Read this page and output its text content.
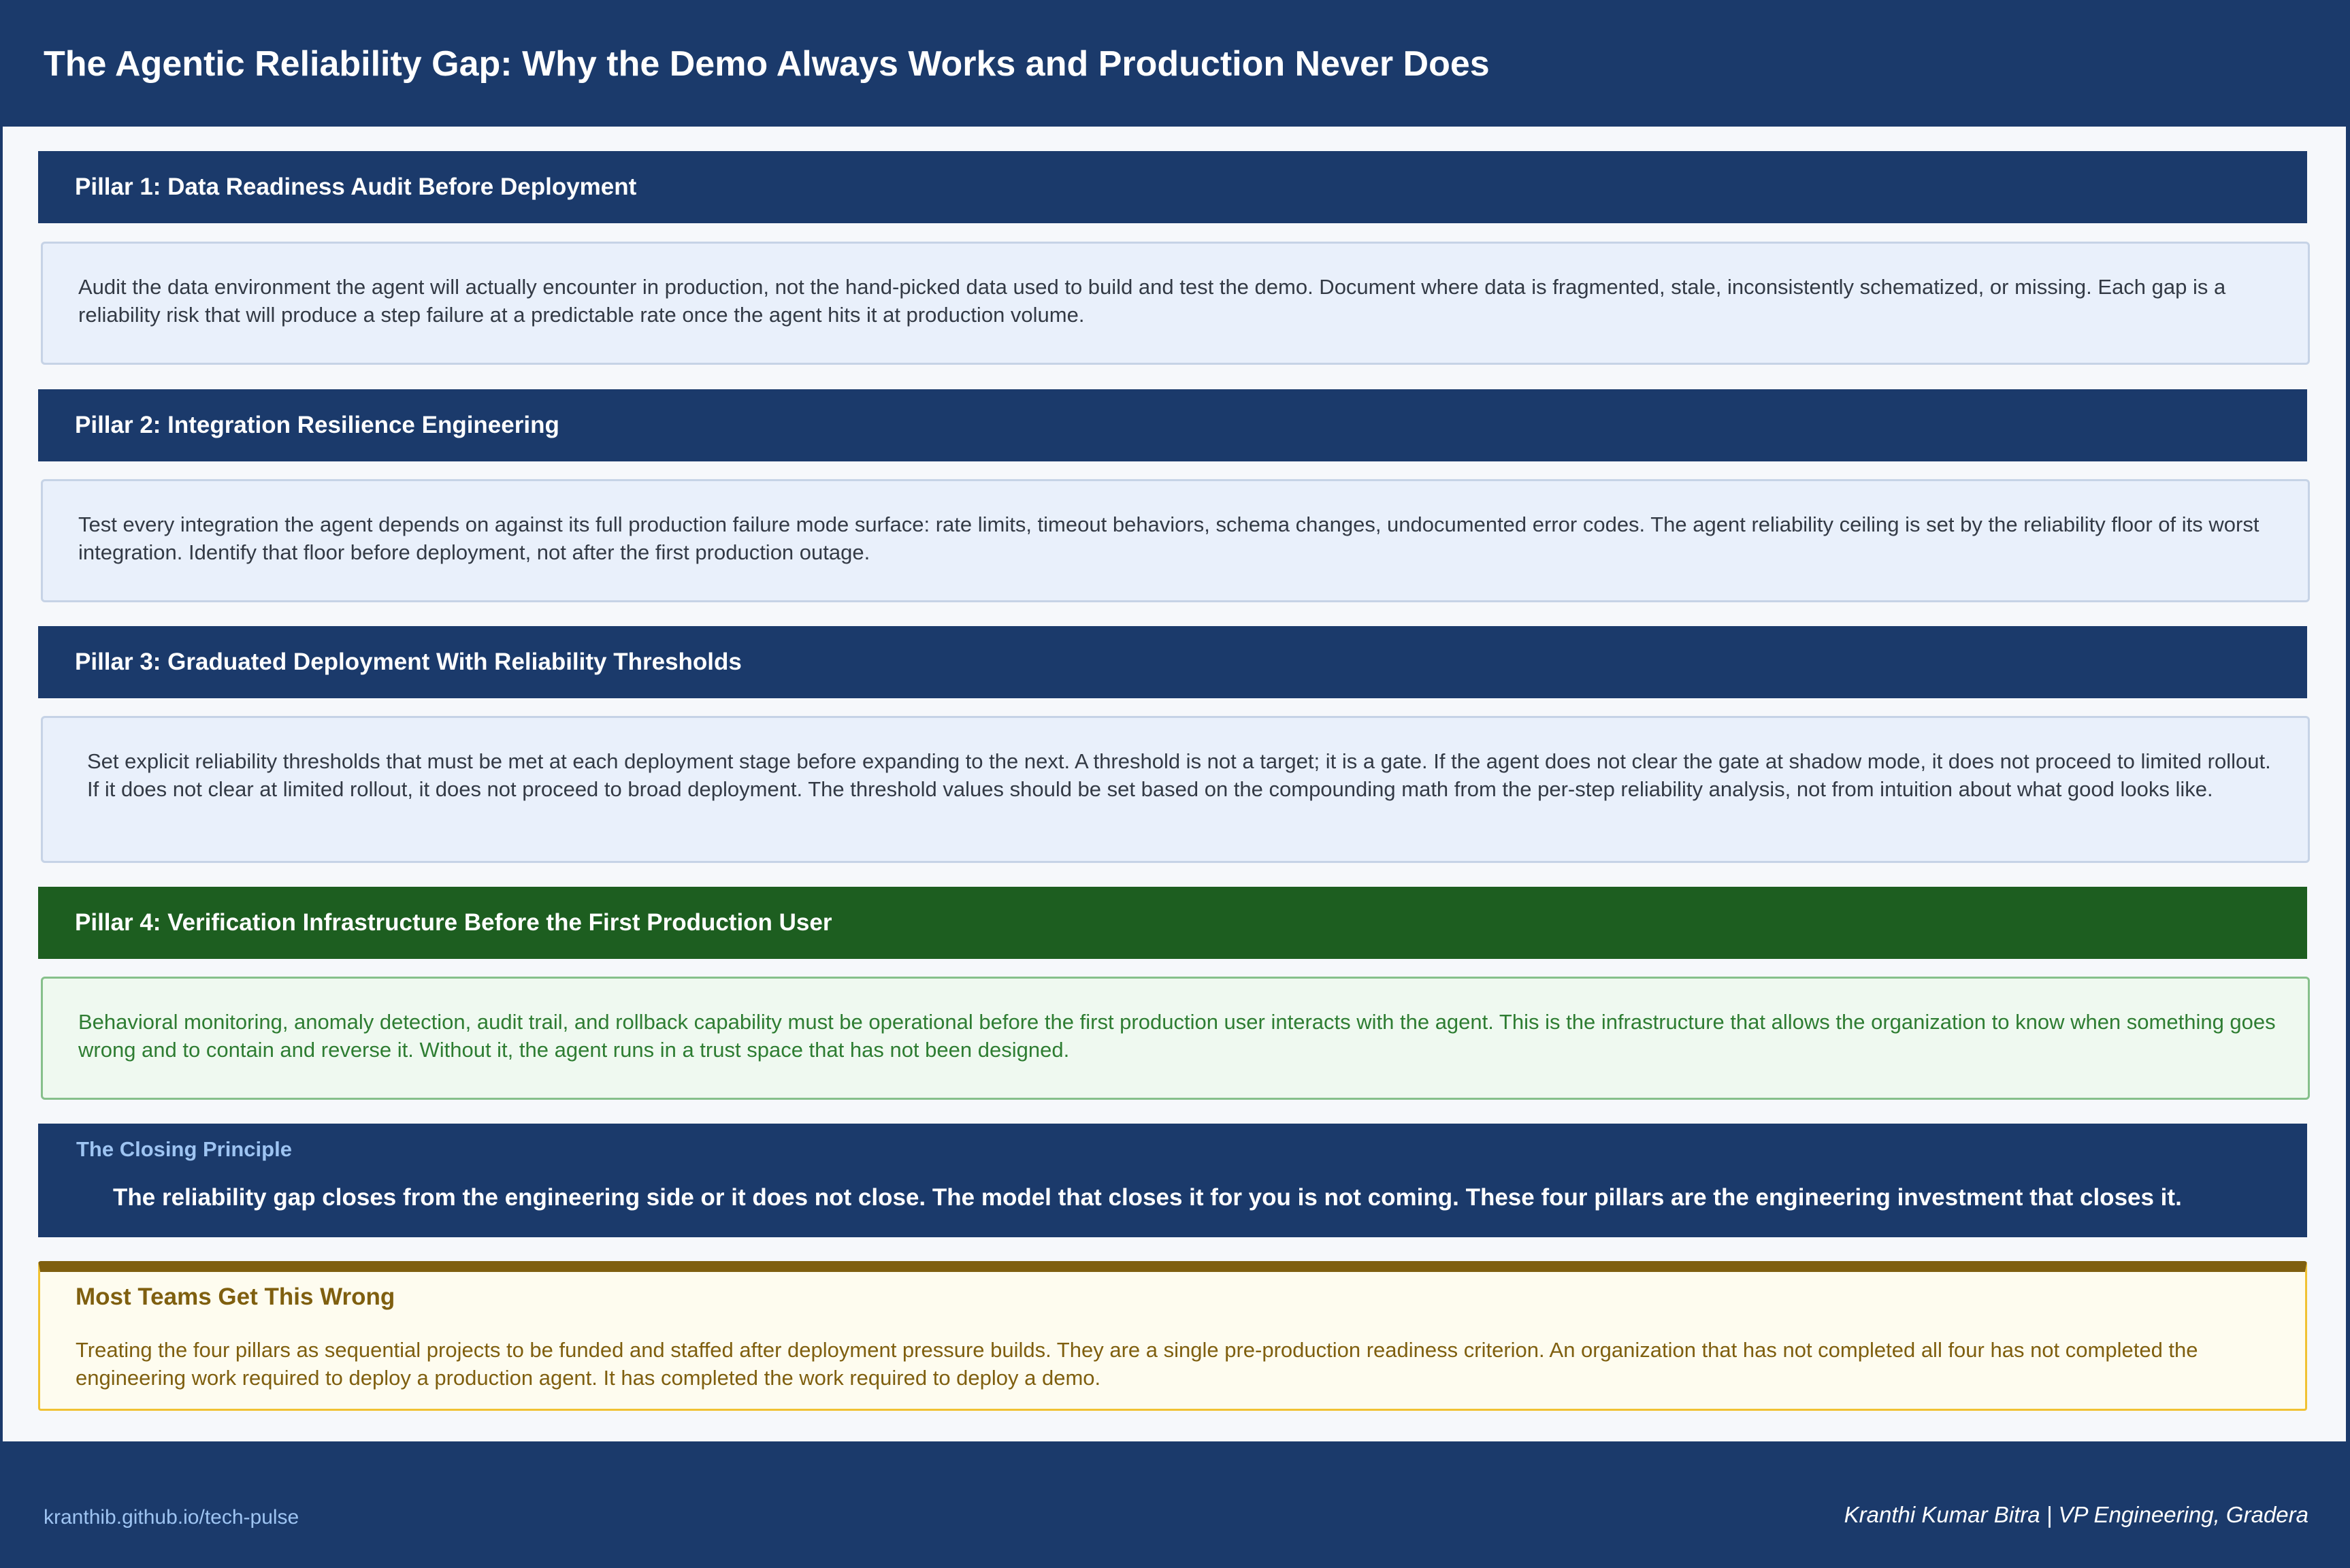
The Agentic Reliability Gap: Why the Demo Always Works and Production Never Does
Pillar 1: Data Readiness Audit Before Deployment

Audit the data environment the agent will actually encounter in production, not the hand-picked data used to build and test the demo. Document where data is fragmented, stale, inconsistently schematized, or missing. Each gap is a reliability risk that will produce a step failure at a predictable rate once the agent hits it at production volume.

Pillar 2: Integration Resilience Engineering

Test every integration the agent depends on against its full production failure mode surface: rate limits, timeout behaviors, schema changes, undocumented error codes. The agent reliability ceiling is set by the reliability floor of its worst integration. Identify that floor before deployment, not after the first production outage.

Pillar 3: Graduated Deployment With Reliability Thresholds

Set explicit reliability thresholds that must be met at each deployment stage before expanding to the next. A threshold is not a target; it is a gate. If the agent does not clear the gate at shadow mode, it does not proceed to limited rollout. If it does not clear at limited rollout, it does not proceed to broad deployment. The threshold values should be set based on the compounding math from the per-step reliability analysis, not from intuition about what good looks like.

Pillar 4: Verification Infrastructure Before the First Production User

Behavioral monitoring, anomaly detection, audit trail, and rollback capability must be operational before the first production user interacts with the agent. This is the infrastructure that allows the organization to know when something goes wrong and to contain and reverse it. Without it, the agent runs in a trust space that has not been designed.

The Closing Principle
The reliability gap closes from the engineering side or it does not close. The model that closes it for you is not coming. These four pillars are the engineering investment that closes it.
Most Teams Get This Wrong

Treating the four pillars as sequential projects to be funded and staffed after deployment pressure builds. They are a single pre-production readiness criterion. An organization that has not completed all four has not completed the engineering work required to deploy a production agent. It has completed the work required to deploy a demo.

kranthib.github.io/tech-pulse	Kranthi Kumar Bitra | VP Engineering, Gradera
